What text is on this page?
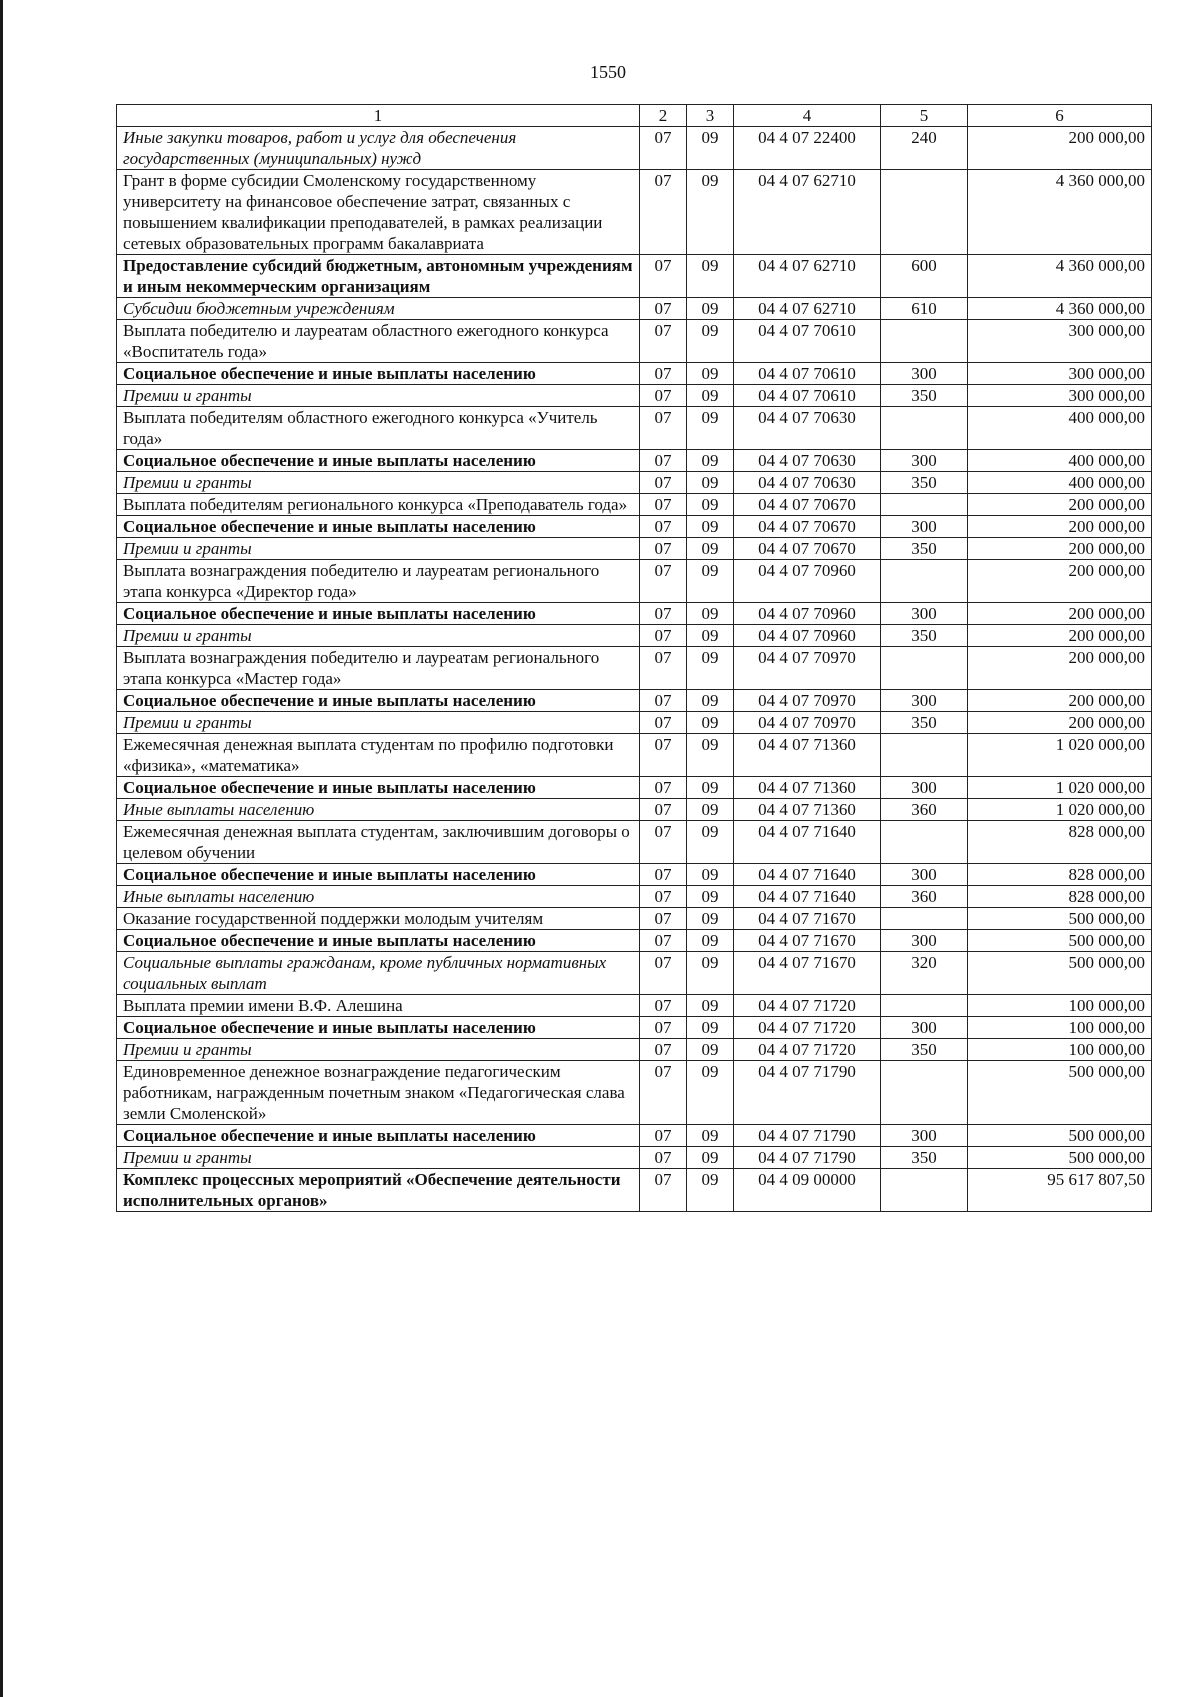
1550
1	2	3	4	5	6
Иные закупки товаров, работ и услуг для обеспечения государственных (муниципальных) нужд	07	09	04 4 07 22400	240	200 000,00
Грант в форме субсидии Смоленскому государственному университету на финансовое обеспечение затрат, связанных с повышением квалификации преподавателей, в рамках реализации сетевых образовательных программ бакалавриата	07	09	04 4 07 62710		4 360 000,00
Предоставление субсидий бюджетным, автономным учреждениям и иным некоммерческим организациям	07	09	04 4 07 62710	600	4 360 000,00
Субсидии бюджетным учреждениям	07	09	04 4 07 62710	610	4 360 000,00
Выплата победителю и лауреатам областного ежегодного конкурса «Воспитатель года»	07	09	04 4 07 70610		300 000,00
Социальное обеспечение и иные выплаты населению	07	09	04 4 07 70610	300	300 000,00
Премии и гранты	07	09	04 4 07 70610	350	300 000,00
Выплата победителям областного ежегодного конкурса «Учитель года»	07	09	04 4 07 70630		400 000,00
Социальное обеспечение и иные выплаты населению	07	09	04 4 07 70630	300	400 000,00
Премии и гранты	07	09	04 4 07 70630	350	400 000,00
Выплата победителям регионального конкурса «Преподаватель года»	07	09	04 4 07 70670		200 000,00
Социальное обеспечение и иные выплаты населению	07	09	04 4 07 70670	300	200 000,00
Премии и гранты	07	09	04 4 07 70670	350	200 000,00
Выплата вознаграждения победителю и лауреатам регионального этапа конкурса «Директор года»	07	09	04 4 07 70960		200 000,00
Социальное обеспечение и иные выплаты населению	07	09	04 4 07 70960	300	200 000,00
Премии и гранты	07	09	04 4 07 70960	350	200 000,00
Выплата вознаграждения победителю и лауреатам регионального этапа конкурса «Мастер года»	07	09	04 4 07 70970		200 000,00
Социальное обеспечение и иные выплаты населению	07	09	04 4 07 70970	300	200 000,00
Премии и гранты	07	09	04 4 07 70970	350	200 000,00
Ежемесячная денежная выплата студентам по профилю подготовки «физика», «математика»	07	09	04 4 07 71360		1 020 000,00
Социальное обеспечение и иные выплаты населению	07	09	04 4 07 71360	300	1 020 000,00
Иные выплаты населению	07	09	04 4 07 71360	360	1 020 000,00
Ежемесячная денежная выплата студентам, заключившим договоры о целевом обучении	07	09	04 4 07 71640		828 000,00
Социальное обеспечение и иные выплаты населению	07	09	04 4 07 71640	300	828 000,00
Иные выплаты населению	07	09	04 4 07 71640	360	828 000,00
Оказание государственной поддержки молодым учителям	07	09	04 4 07 71670		500 000,00
Социальное обеспечение и иные выплаты населению	07	09	04 4 07 71670	300	500 000,00
Социальные выплаты гражданам, кроме публичных нормативных социальных выплат	07	09	04 4 07 71670	320	500 000,00
Выплата премии имени В.Ф. Алешина	07	09	04 4 07 71720		100 000,00
Социальное обеспечение и иные выплаты населению	07	09	04 4 07 71720	300	100 000,00
Премии и гранты	07	09	04 4 07 71720	350	100 000,00
Единовременное денежное вознаграждение педагогическим работникам, награжденным почетным знаком «Педагогическая слава земли Смоленской»	07	09	04 4 07 71790		500 000,00
Социальное обеспечение и иные выплаты населению	07	09	04 4 07 71790	300	500 000,00
Премии и гранты	07	09	04 4 07 71790	350	500 000,00
Комплекс процессных мероприятий «Обеспечение деятельности исполнительных органов»	07	09	04 4 09 00000		95 617 807,50
